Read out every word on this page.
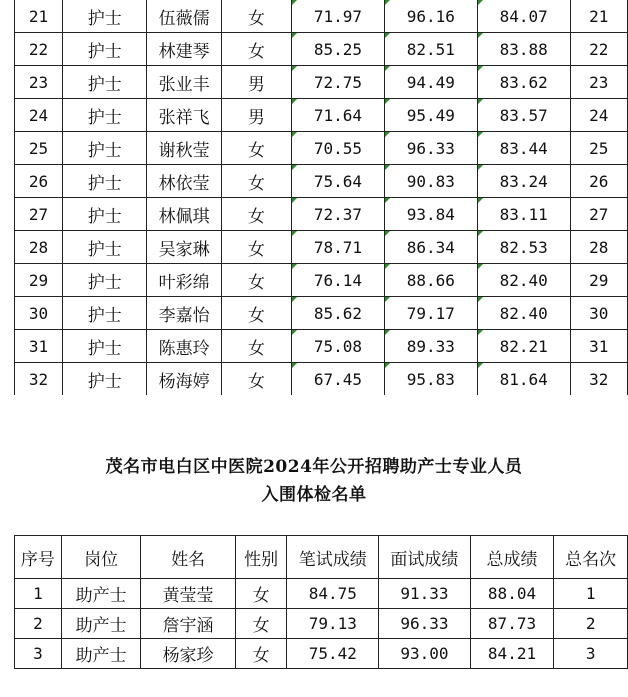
21	护士	伍薇儒	女	71.97	96.16	84.07	21
22	护士	林建琴	女	85.25	82.51	83.88	22
23	护士	张业丰	男	72.75	94.49	83.62	23
24	护士	张祥飞	男	71.64	95.49	83.57	24
25	护士	谢秋莹	女	70.55	96.33	83.44	25
26	护士	林依莹	女	75.64	90.83	83.24	26
27	护士	林佩琪	女	72.37	93.84	83.11	27
28	护士	吴家琳	女	78.71	86.34	82.53	28
29	护士	叶彩绵	女	76.14	88.66	82.40	29
30	护士	李嘉怡	女	85.62	79.17	82.40	30
31	护士	陈惠玲	女	75.08	89.33	82.21	31
32	护士	杨海婷	女	67.45	95.83	81.64	32
茂名市电白区中医院2024年公开招聘助产士专业人员
入围体检名单
序号	岗位	姓名	性别	笔试成绩	面试成绩	总成绩	总名次
1	助产士	黄莹莹	女	84.75	91.33	88.04	1
2	助产士	詹宇涵	女	79.13	96.33	87.73	2
3	助产士	杨家珍	女	75.42	93.00	84.21	3
